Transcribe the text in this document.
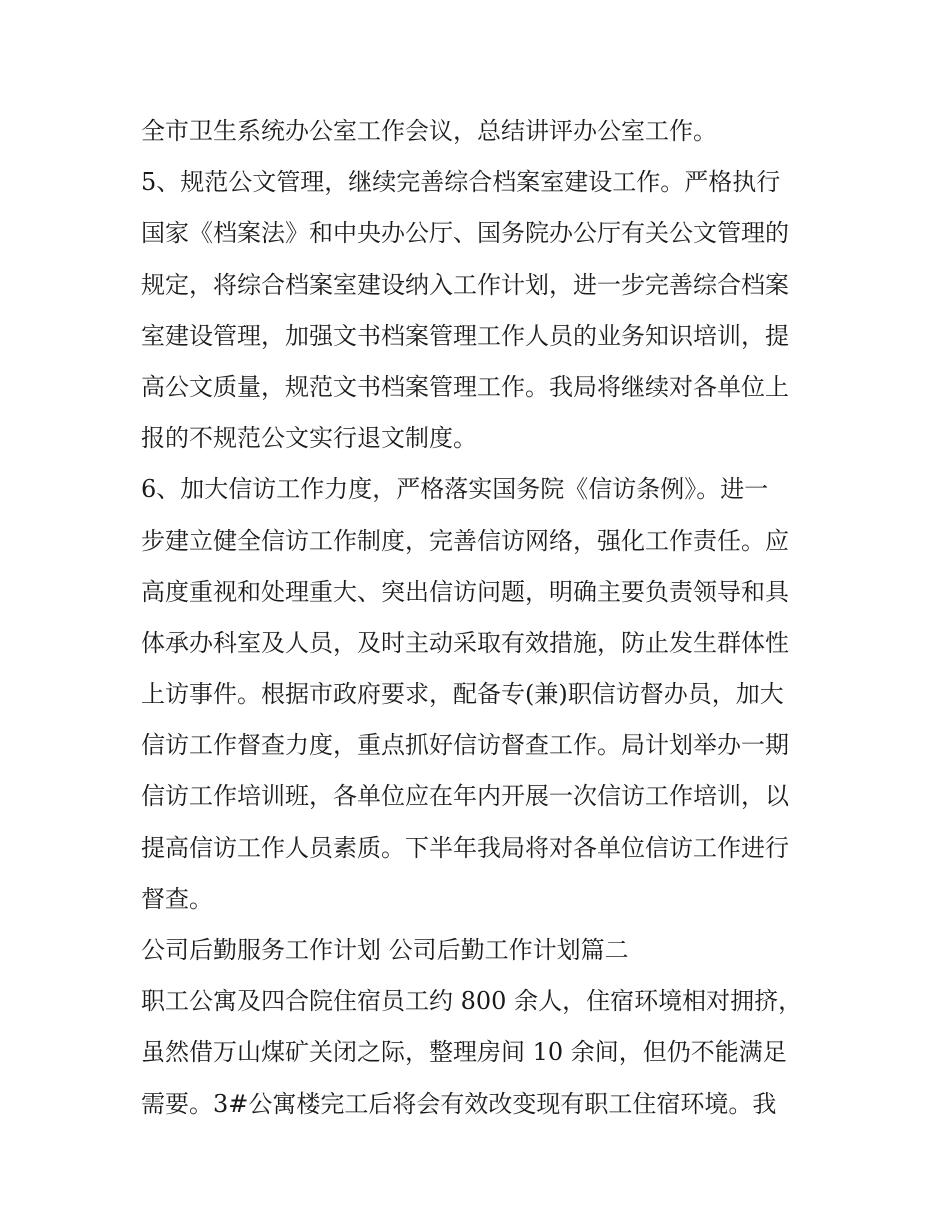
全市卫生系统办公室工作会议，总结讲评办公室工作。
5、规范公文管理，继续完善综合档案室建设工作。严格执行
国家《档案法》和中央办公厅、国务院办公厅有关公文管理的
规定，将综合档案室建设纳入工作计划，进一步完善综合档案
室建设管理，加强文书档案管理工作人员的业务知识培训，提
高公文质量，规范文书档案管理工作。我局将继续对各单位上
报的不规范公文实行退文制度。
6、加大信访工作力度，严格落实国务院《信访条例》。进一
步建立健全信访工作制度，完善信访网络，强化工作责任。应
高度重视和处理重大、突出信访问题，明确主要负责领导和具
体承办科室及人员，及时主动采取有效措施，防止发生群体性
上访事件。根据市政府要求，配备专(兼)职信访督办员，加大
信访工作督查力度，重点抓好信访督查工作。局计划举办一期
信访工作培训班，各单位应在年内开展一次信访工作培训，以
提高信访工作人员素质。下半年我局将对各单位信访工作进行
督查。
公司后勤服务工作计划 公司后勤工作计划篇二
职工公寓及四合院住宿员工约 800 余人，住宿环境相对拥挤，
虽然借万山煤矿关闭之际，整理房间 10 余间，但仍不能满足
需要。3#公寓楼完工后将会有效改变现有职工住宿环境。我
